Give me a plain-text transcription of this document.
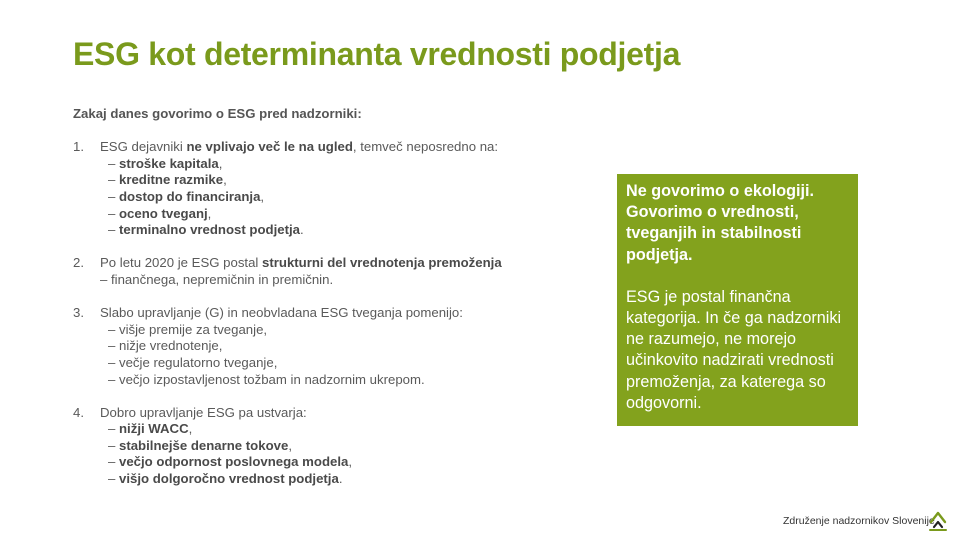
ESG kot determinanta vrednosti podjetja
Zakaj danes govorimo o ESG pred nadzorniki:
1. ESG dejavniki ne vplivajo več le na ugled, temveč neposredno na:
– stroške kapitala,
– kreditne razmike,
– dostop do financiranja,
– oceno tveganj,
– terminalno vrednost podjetja.
2. Po letu 2020 je ESG postal strukturni del vrednotenja premoženja
– finančnega, nepremičnin in premičnin.
3. Slabo upravljanje (G) in neobvladana ESG tveganja pomenijo:
– višje premije za tveganje,
– nižje vrednotenje,
– večje regulatorno tveganje,
– večjo izpostavljenost tožbam in nadzornim ukrepom.
4. Dobro upravljanje ESG pa ustvarja:
– nižji WACC,
– stabilnejše denarne tokove,
– večjo odpornost poslovnega modela,
– višjo dolgoročno vrednost podjetja.
Ne govorimo o ekologiji. Govorimo o vrednosti, tveganjih in stabilnosti podjetja.
ESG je postal finančna kategorija. In če ga nadzorniki ne razumejo, ne morejo učinkovito nadzirati vrednosti premoženja, za katerega so odgovorni.
Združenje nadzornikov Slovenije
